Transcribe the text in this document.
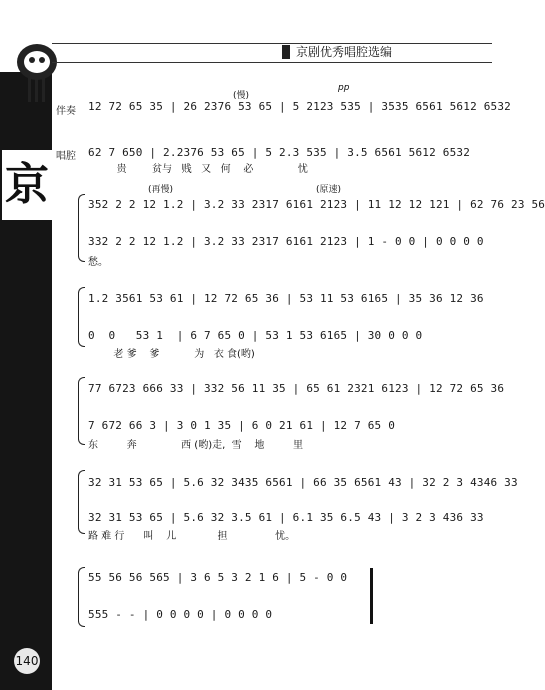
京
京剧优秀唱腔选编
伴奏
唱腔
(慢)
pp
12 72 65 35 | 26 2376 53 65 | 5 2123 535 | 3535 6561 5612 6532
62 7 650 | 2.2376 53 65 | 5 2.3 535 | 3.5 6561 5612 6532
贵        贫与   贱   又   何    必              忧
(再慢)	(原速)
352 2 2 12 1.2 | 3.2 33 2317 6161 2123 | 11 12 12 121 | 62 76 23 56
332 2 2 12 1.2 | 3.2 33 2317 6161 2123 | 1 - 0 0 | 0 0 0 0
愁。
1.2 3561 53 61 | 12 72 65 36 | 53 11 53 6165 | 35 36 12 36
0  0   53 1  | 6 7 65 0 | 53 1 53 6165 | 30 0 0 0
老 爹    爹           为   衣 食(哟)
77 6723 666 33 | 332 56 11 35 | 65 61 2321 6123 | 12 72 65 36
7 672 66 3 | 3 0 1 35 | 6 0 21 61 | 12 7 65 0
东         奔              西 (哟)走,  雪    地         里
32 31 53 65 | 5.6 32 3435 6561 | 66 35 6561 43 | 32 2 3 4346 33
32 31 53 65 | 5.6 32 3.5 61 | 6.1 35 6.5 43 | 3 2 3 436 33
路 难 行      叫    儿             担               忧。
55 56 56 565 | 3 6 5 3 2 1 6 | 5 - 0 0
555 - - | 0 0 0 0 | 0 0 0 0
140
